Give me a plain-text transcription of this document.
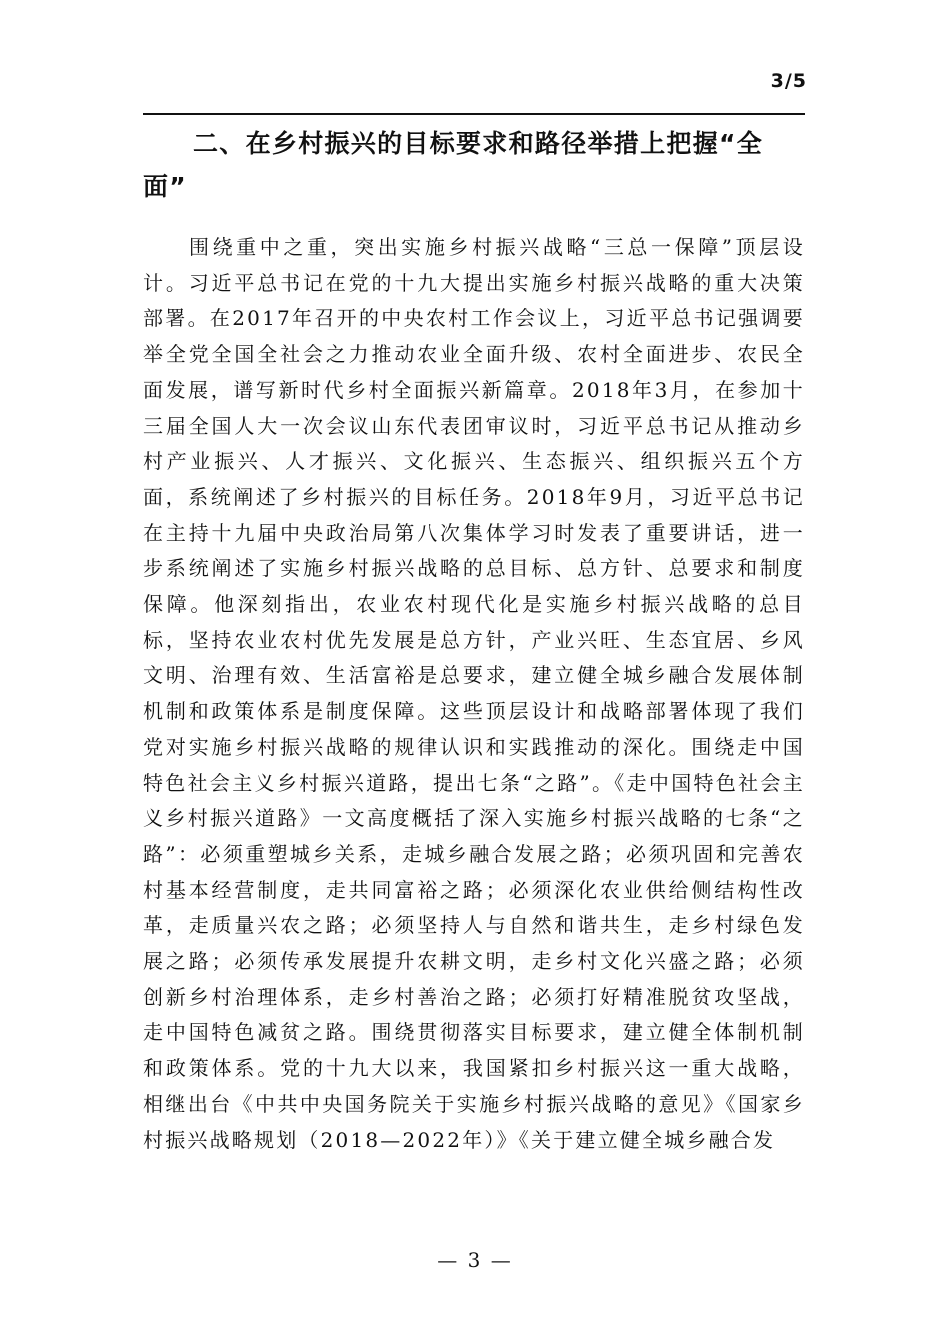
3/5
二、在乡村振兴的目标要求和路径举措上把握“全面”

围绕重中之重，突出实施乡村振兴战略“三总一保障”顶层设计。习近平总书记在党的十九大提出实施乡村振兴战略的重大决策部署。在2017年召开的中央农村工作会议上，习近平总书记强调要举全党全国全社会之力推动农业全面升级、农村全面进步、农民全面发展，谱写新时代乡村全面振兴新篇章。2018年3月，在参加十三届全国人大一次会议山东代表团审议时，习近平总书记从推动乡村产业振兴、人才振兴、文化振兴、生态振兴、组织振兴五个方面，系统阐述了乡村振兴的目标任务。2018年9月，习近平总书记在主持十九届中央政治局第八次集体学习时发表了重要讲话，进一步系统阐述了实施乡村振兴战略的总目标、总方针、总要求和制度保障。他深刻指出，农业农村现代化是实施乡村振兴战略的总目标，坚持农业农村优先发展是总方针，产业兴旺、生态宜居、乡风文明、治理有效、生活富裕是总要求，建立健全城乡融合发展体制机制和政策体系是制度保障。这些顶层设计和战略部署体现了我们党对实施乡村振兴战略的规律认识和实践推动的深化。围绕走中国特色社会主义乡村振兴道路，提出七条“之路”。《走中国特色社会主义乡村振兴道路》一文高度概括了深入实施乡村振兴战略的七条“之路”：必须重塑城乡关系，走城乡融合发展之路；必须巩固和完善农村基本经营制度，走共同富裕之路；必须深化农业供给侧结构性改革，走质量兴农之路；必须坚持人与自然和谐共生，走乡村绿色发展之路；必须传承发展提升农耕文明，走乡村文化兴盛之路；必须创新乡村治理体系，走乡村善治之路；必须打好精准脱贫攻坚战，走中国特色减贫之路。围绕贯彻落实目标要求，建立健全体制机制和政策体系。党的十九大以来，我国紧扣乡村振兴这一重大战略，相继出台《中共中央国务院关于实施乡村振兴战略的意见》《国家乡村振兴战略规划（2018—2022年）》《关于建立健全城乡融合发

— 3 —
